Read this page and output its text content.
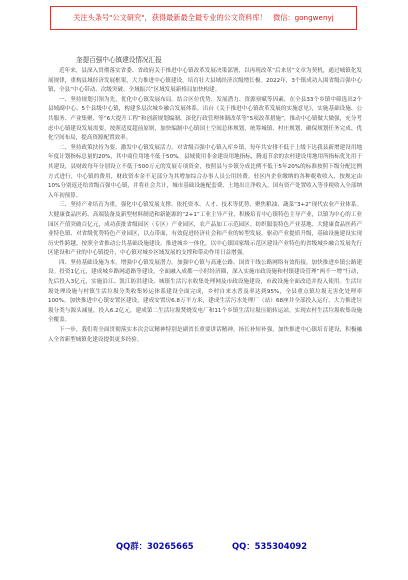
关注头条号"公文研究"，获得最新最全最专业的公文资料库！ 微信：gongwenyj
奎提百强中心镇建设情况汇报

近年来，县深入贯彻落实省委、省政府关于推进中心镇改革发展决策部署，以再现改革“后来居”文章为契机，通过城镇化发展规律，重构县域经济发展框架，大力推进中心镇建设，培育壮大县域经济次级增长极。2022年，3个镇成功入围省级百强中心镇，全县“中心带动、次级突破、全域振兴”区域发展新格局加快构建。

一、坚持规划引领为先，优化中心镇发展布局。结合区位优势、发展潜力、资源禀赋等因素，在全县33个乡镇中筛选出2个县域副中心、5个县级中心镇，构建多层次城乡融合发展体系。出台《关于推进中心镇改革发展的实施意见》，实施基础设施、公共服务、产业集聚、等“6大提升工程”和创新规划编制、深化行政管理体制改革等“5项改革措施”，推动中心镇做大做强，充分考虑中心镇建设发展需要，按照适度超前原则，加快编制中心镇国土空间总体规划，统筹城镇、村庄规划、确保规划任务完成、优化空间布局，提高资源配置效率。

二、坚持政策扶持为要，激发中心镇发展活力。对省级百强中心镇入库乡镇，每年共安排不低于上级下达我县新增建设用地年度计划指标总量的20%，其中商住用地不低于50%。县域使用非金建设用地指标，腾退节余的农村建设用地用所指标优先用于其建设，县财政每年分别设立不低于500万元的发展专项资金，按照县与乡镇分成比例不低于5年20%的标准按照下级分配比例方式进行，中心镇的费用，财政资本金不足部分为其增加综合办事人员公用经费。驻区内企业缴纳的各种税收收入，按规定由10%分别返还给省级百强中心镇，并将社会共计，城市基础设施配套费、土地出让净收入，国有资产处置收入等非税收入全部纳入年初预算。

三、坚持产业培育为重，强化中心镇发展支撑。依托资本、人才、技术等优势，聚焦粮油、蔬菜“3+2”现代农业产业体系。大健康食品医药、高端装备及新型材料制造和新能源的“2+1”工业主导产业，积极培育中心镇特色主导产业，以镇为中心的工业园区产值突破百亿元，成功获批省级园区（专区）产业园区，农产品加工示范园区、纺织服装特色产业基地、大健康食品医药产业特色镇、对省级优势特色产业园区，以点带面，有效促进经济社会和产业的转型发展，驱动产业提质升级，基础设施建设实现历史性跨越。按照全省推动公共基础设施建设，推进城乡一体化。以中心镇国家级示范区建设产业特色的省级城乡融合发展先行区建设和产业的中心镇提升，中心镇对城乡区域发展的支撑和带动作用日益增强。

四、坚持基础设施为本，增强中心镇发展潜力。加强中心镇与高速公路、国省干线公路网络有效衔接，加快推进乡镇公路建设。投资1亿元，建成城乡路网道路等建设，全面融入成都一小时经济圈，深入实施市政设施和村镇建设管理“两不一增”行动，先后投入3亿元，实施沿江、凯江防洪建设、城镇生活污水收集处理网及市政设施建设，市政设施全面改造并投入使用。生活垃圾处理设施与村镇生活垃圾分类收集转运体系建设全面完成，乡村自来水普及率达到95%，全县重点镇垃圾无害化处理率100%。加快推进中心镇安置区建设，建成安置房6.8万平方米，建成生活污水处理厂（站）68座并全部投入运行，大力推进垃圾分类与源头减量，投入6.2亿元，建成第二生活垃圾焚烧发电厂和11个乡镇生活垃圾压缩转运站，实现农村生活垃圾收集设施全覆盖。

下一步，我们将全面贯彻落实本次会议精神特别是副省长重要讲话精神，扬长补短补强，加快推进中心镇培育建设，积极融入全省新型城镇化建设提供更多经验。

QQ群：30265665	QQ：535304092
